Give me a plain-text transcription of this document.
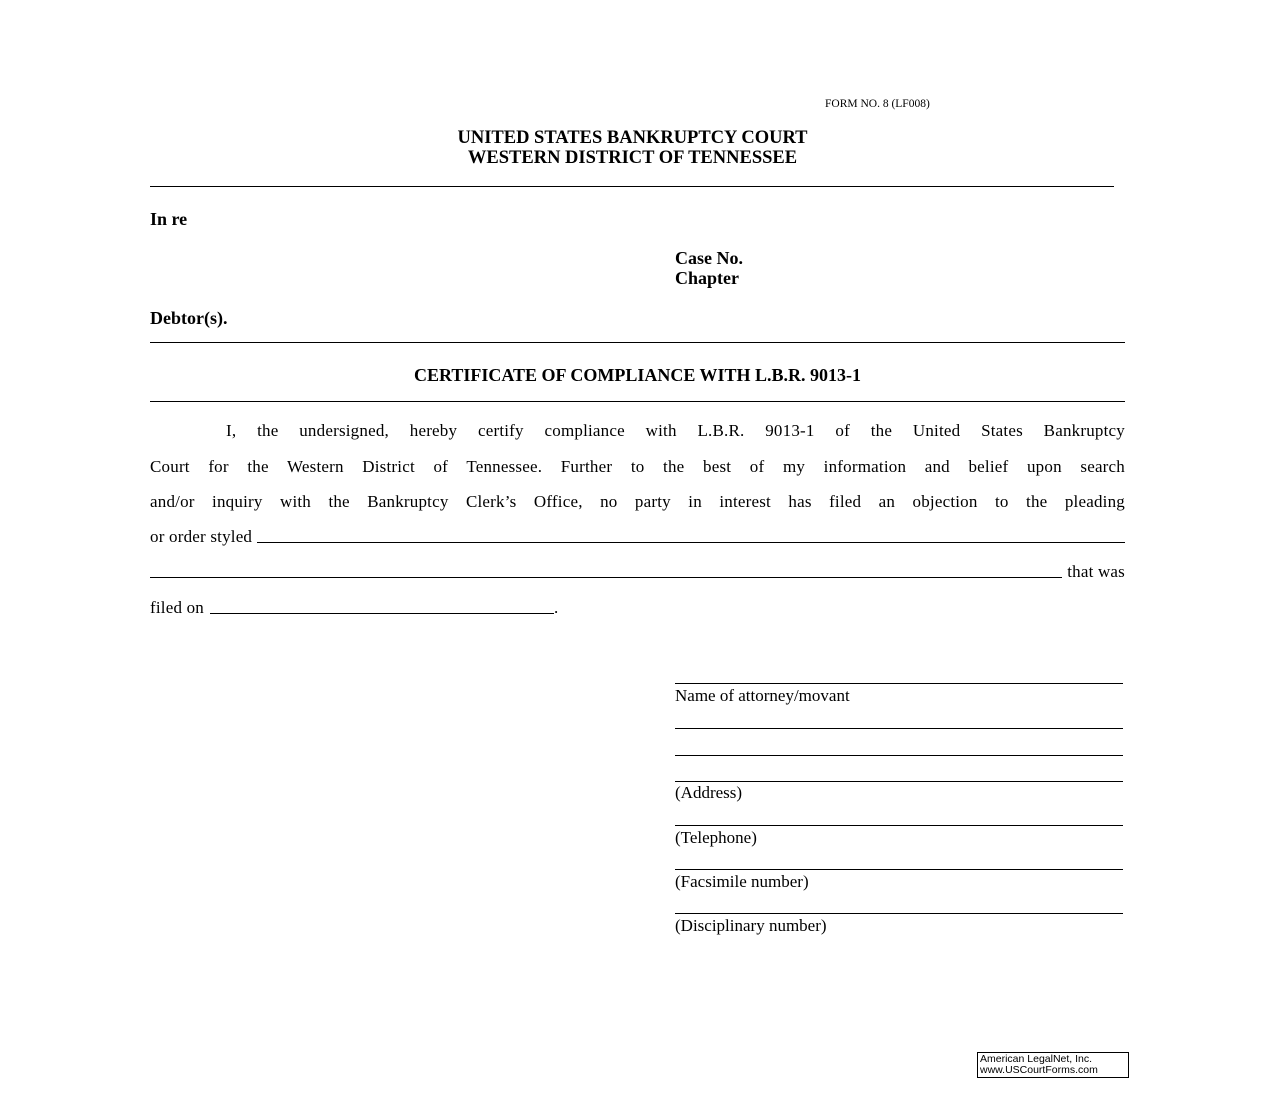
FORM NO. 8 (LF008)
UNITED STATES BANKRUPTCY COURT
WESTERN DISTRICT OF TENNESSEE
In re
Case No.
Chapter
Debtor(s).
CERTIFICATE OF COMPLIANCE WITH L.B.R. 9013-1
I, the undersigned, hereby certify compliance with L.B.R. 9013-1 of the United States Bankruptcy
Court for the Western District of Tennessee. Further to the best of my information and belief upon search
and/or inquiry with the Bankruptcy Clerk’s Office, no party in interest has filed an objection to the pleading
or order styled
that was
filed on	.
Name of attorney/movant
(Address)
(Telephone)
(Facsimile number)
(Disciplinary number)
American LegalNet, Inc.
www.USCourtForms.com
